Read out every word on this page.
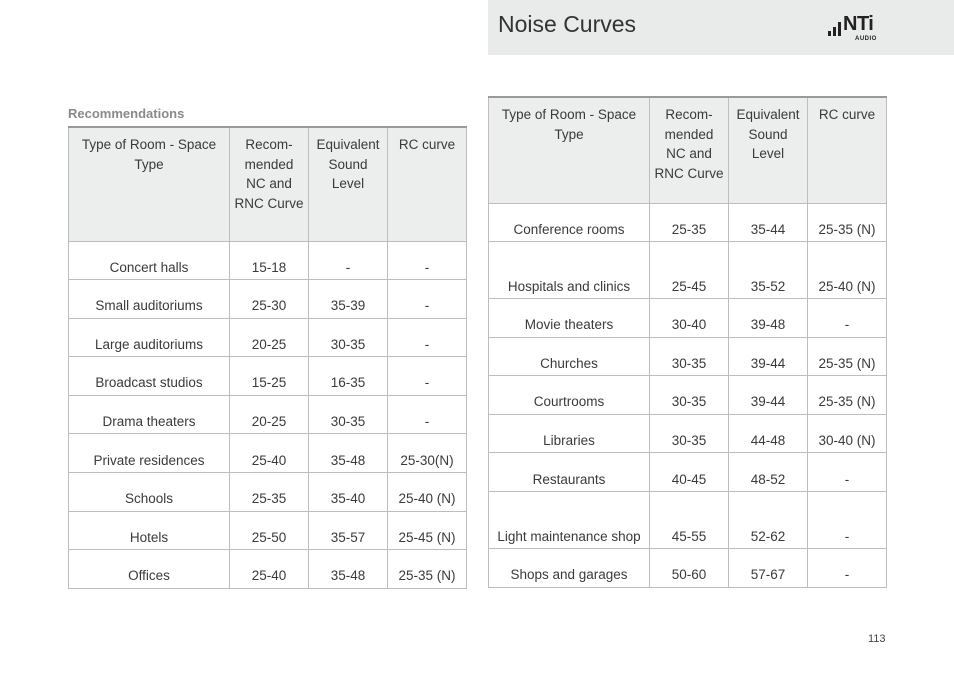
Noise Curves	NTi
AUDIO
Recommendations
Type of Room - Space Type	Recom-mended NC and RNC Curve	Equivalent Sound Level	RC curve
Concert halls	15-18	-	-
Small auditoriums	25-30	35-39	-
Large auditoriums	20-25	30-35	-
Broadcast studios	15-25	16-35	-
Drama theaters	20-25	30-35	-
Private residences	25-40	35-48	25-30(N)
Schools	25-35	35-40	25-40 (N)
Hotels	25-50	35-57	25-45 (N)
Offices	25-40	35-48	25-35 (N)
Type of Room - Space Type	Recom-mended NC and RNC Curve	Equivalent Sound Level	RC curve
Conference rooms	25-35	35-44	25-35 (N)
Hospitals and clinics	25-45	35-52	25-40 (N)
Movie theaters	30-40	39-48	-
Churches	30-35	39-44	25-35 (N)
Courtrooms	30-35	39-44	25-35 (N)
Libraries	30-35	44-48	30-40 (N)
Restaurants	40-45	48-52	-
Light maintenance shop	45-55	52-62	-
Shops and garages	50-60	57-67	-
113
